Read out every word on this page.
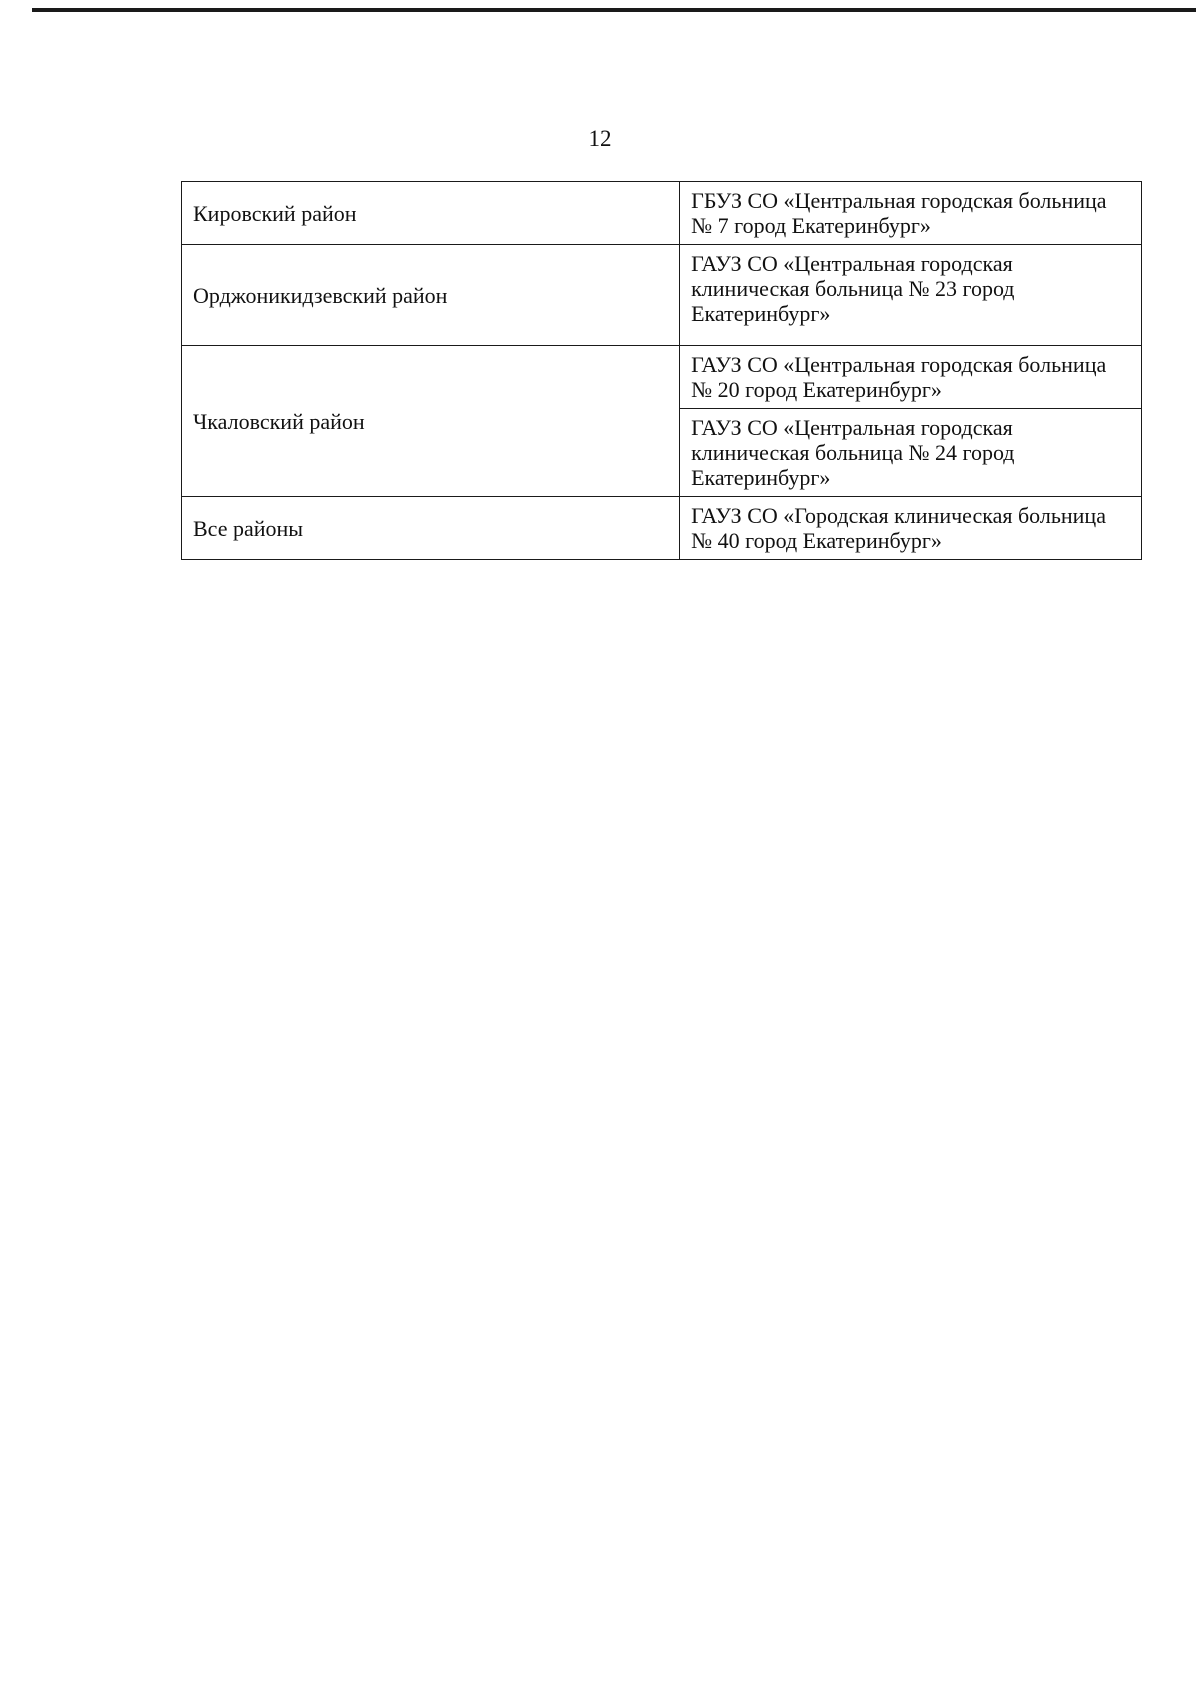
12
Кировский район	ГБУЗ СО «Центральная городская больница № 7 город Екатеринбург»
Орджоникидзевский район	ГАУЗ СО «Центральная городская клиническая больница № 23 город Екатеринбург»
Чкаловский район	ГАУЗ СО «Центральная городская больница № 20 город Екатеринбург»
	ГАУЗ СО «Центральная городская клиническая больница № 24 город Екатеринбург»
Все районы	ГАУЗ СО «Городская клиническая больница № 40 город Екатеринбург»
